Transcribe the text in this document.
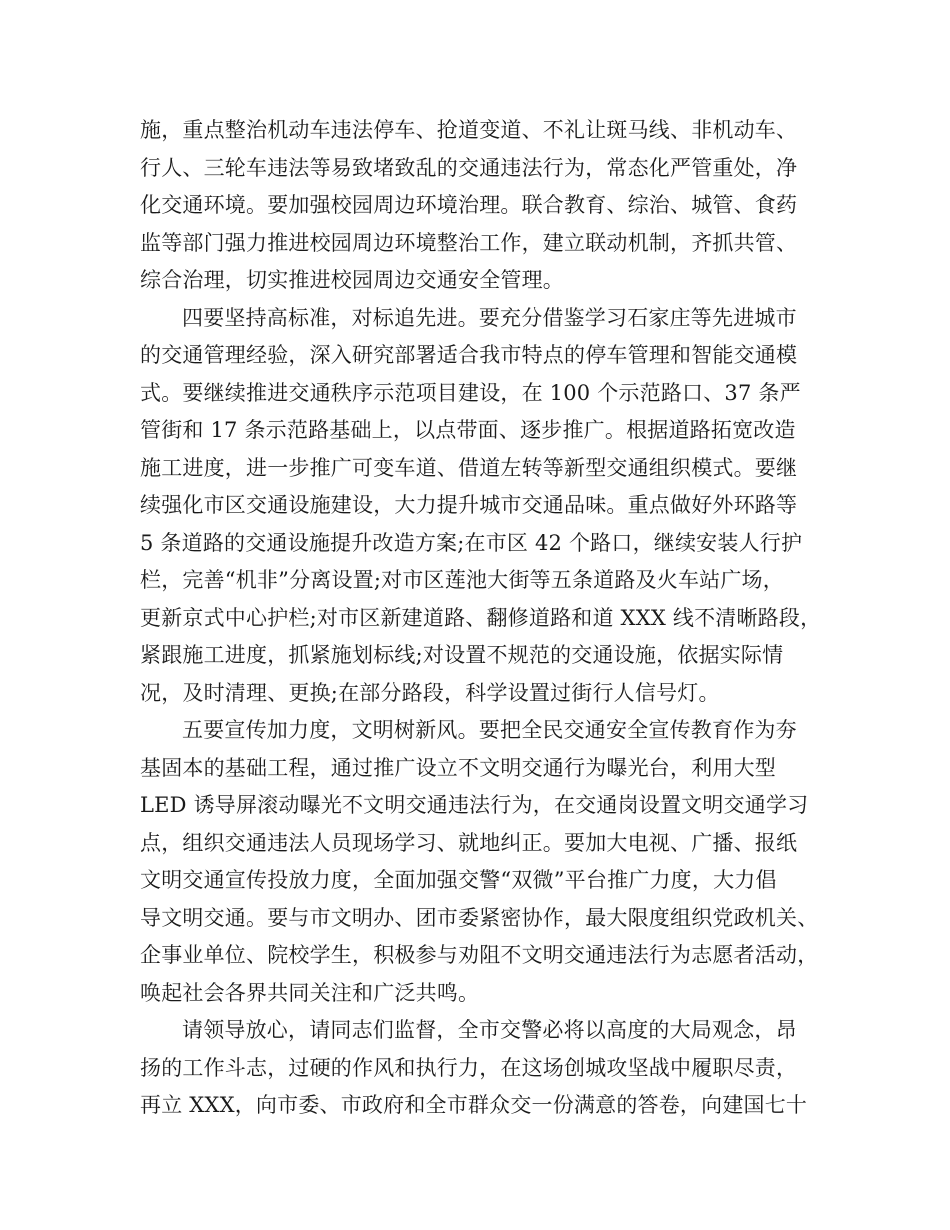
施，重点整治机动车违法停车、抢道变道、不礼让斑马线、非机动车、
行人、三轮车违法等易致堵致乱的交通违法行为，常态化严管重处，净
化交通环境。要加强校园周边环境治理。联合教育、综治、城管、食药
监等部门强力推进校园周边环境整治工作，建立联动机制，齐抓共管、
综合治理，切实推进校园周边交通安全管理。
四要坚持高标准，对标追先进。要充分借鉴学习石家庄等先进城市
的交通管理经验，深入研究部署适合我市特点的停车管理和智能交通模
式。要继续推进交通秩序示范项目建设，在 100 个示范路口、37 条严
管街和 17 条示范路基础上，以点带面、逐步推广。根据道路拓宽改造
施工进度，进一步推广可变车道、借道左转等新型交通组织模式。要继
续强化市区交通设施建设，大力提升城市交通品味。重点做好外环路等
5 条道路的交通设施提升改造方案;在市区 42 个路口，继续安装人行护
栏，完善“机非”分离设置;对市区莲池大街等五条道路及火车站广场，
更新京式中心护栏;对市区新建道路、翻修道路和道 XXX 线不清晰路段，
紧跟施工进度，抓紧施划标线;对设置不规范的交通设施，依据实际情
况，及时清理、更换;在部分路段，科学设置过街行人信号灯。
五要宣传加力度，文明树新风。要把全民交通安全宣传教育作为夯
基固本的基础工程，通过推广设立不文明交通行为曝光台，利用大型
LED 诱导屏滚动曝光不文明交通违法行为，在交通岗设置文明交通学习
点，组织交通违法人员现场学习、就地纠正。要加大电视、广播、报纸
文明交通宣传投放力度，全面加强交警“双微”平台推广力度，大力倡
导文明交通。要与市文明办、团市委紧密协作，最大限度组织党政机关、
企事业单位、院校学生，积极参与劝阻不文明交通违法行为志愿者活动，
唤起社会各界共同关注和广泛共鸣。
请领导放心，请同志们监督，全市交警必将以高度的大局观念，昂
扬的工作斗志，过硬的作风和执行力，在这场创城攻坚战中履职尽责，
再立 XXX，向市委、市政府和全市群众交一份满意的答卷，向建国七十
